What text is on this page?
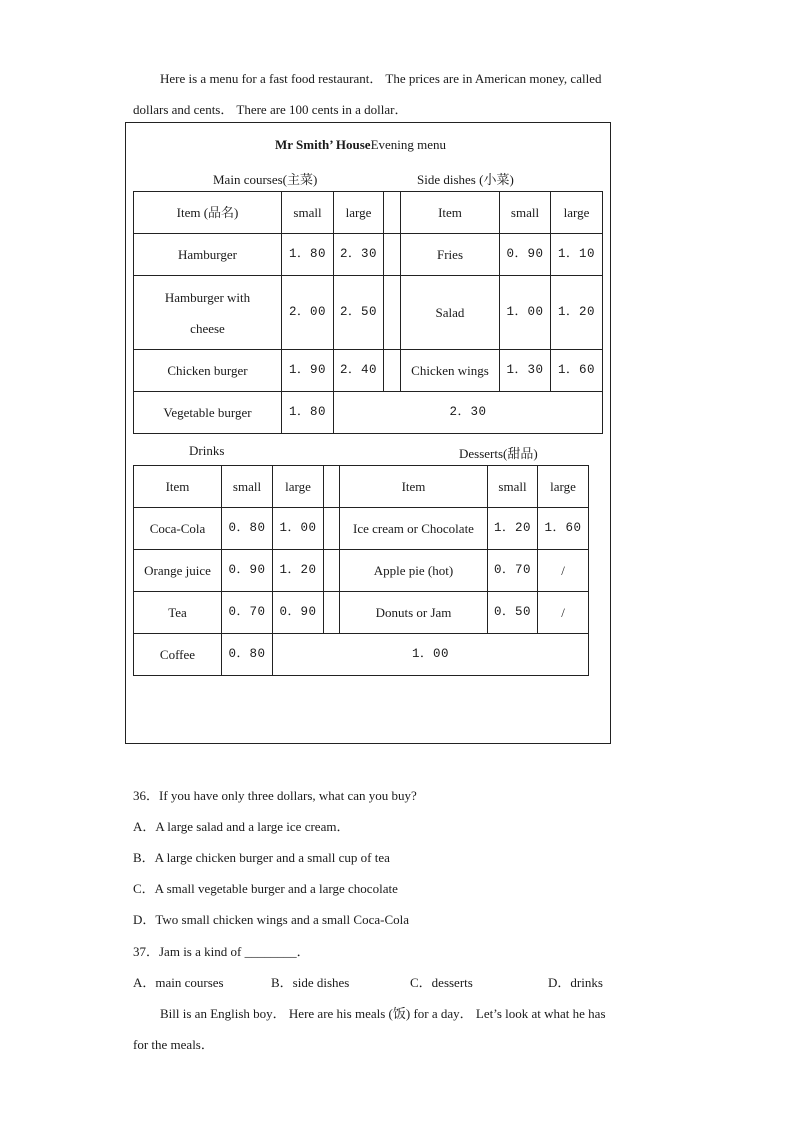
Here is a menu for a fast food restaurant． The prices are in American money, called
dollars and cents． There are 100 cents in a dollar．
Mr Smith’ HouseEvening menu
Main courses(主菜)	Side dishes (小菜)
Item (品名)	small	large		Item	small	large
Hamburger	1．80	2．30		Fries	0．90	1．10
Hamburger with cheese	2．00	2．50		Salad	1．00	1．20
Chicken burger	1．90	2．40		Chicken wings	1．30	1．60
Vegetable burger	1．80	2．30				
Drinks	Desserts(甜品)
Item	small	large		Item	small	large
Coca-Cola	0．80	1．00		Ice cream or Chocolate	1．20	1．60
Orange juice	0．90	1．20		Apple pie (hot)	0．70	/
Tea	0．70	0．90		Donuts or Jam	0．50	/
Coffee	0．80	1．00				
36．If you have only three dollars, what can you buy?
A．A large salad and a large ice cream．
B．A large chicken burger and a small cup of tea
C．A small vegetable burger and a large chocolate
D．Two small chicken wings and a small Coca-Cola
37．Jam is a kind of ________．
A．main courses	B．side dishes	C．desserts	D．drinks
Bill is an English boy． Here are his meals (饭) for a day． Let’s look at what he has
for the meals．
